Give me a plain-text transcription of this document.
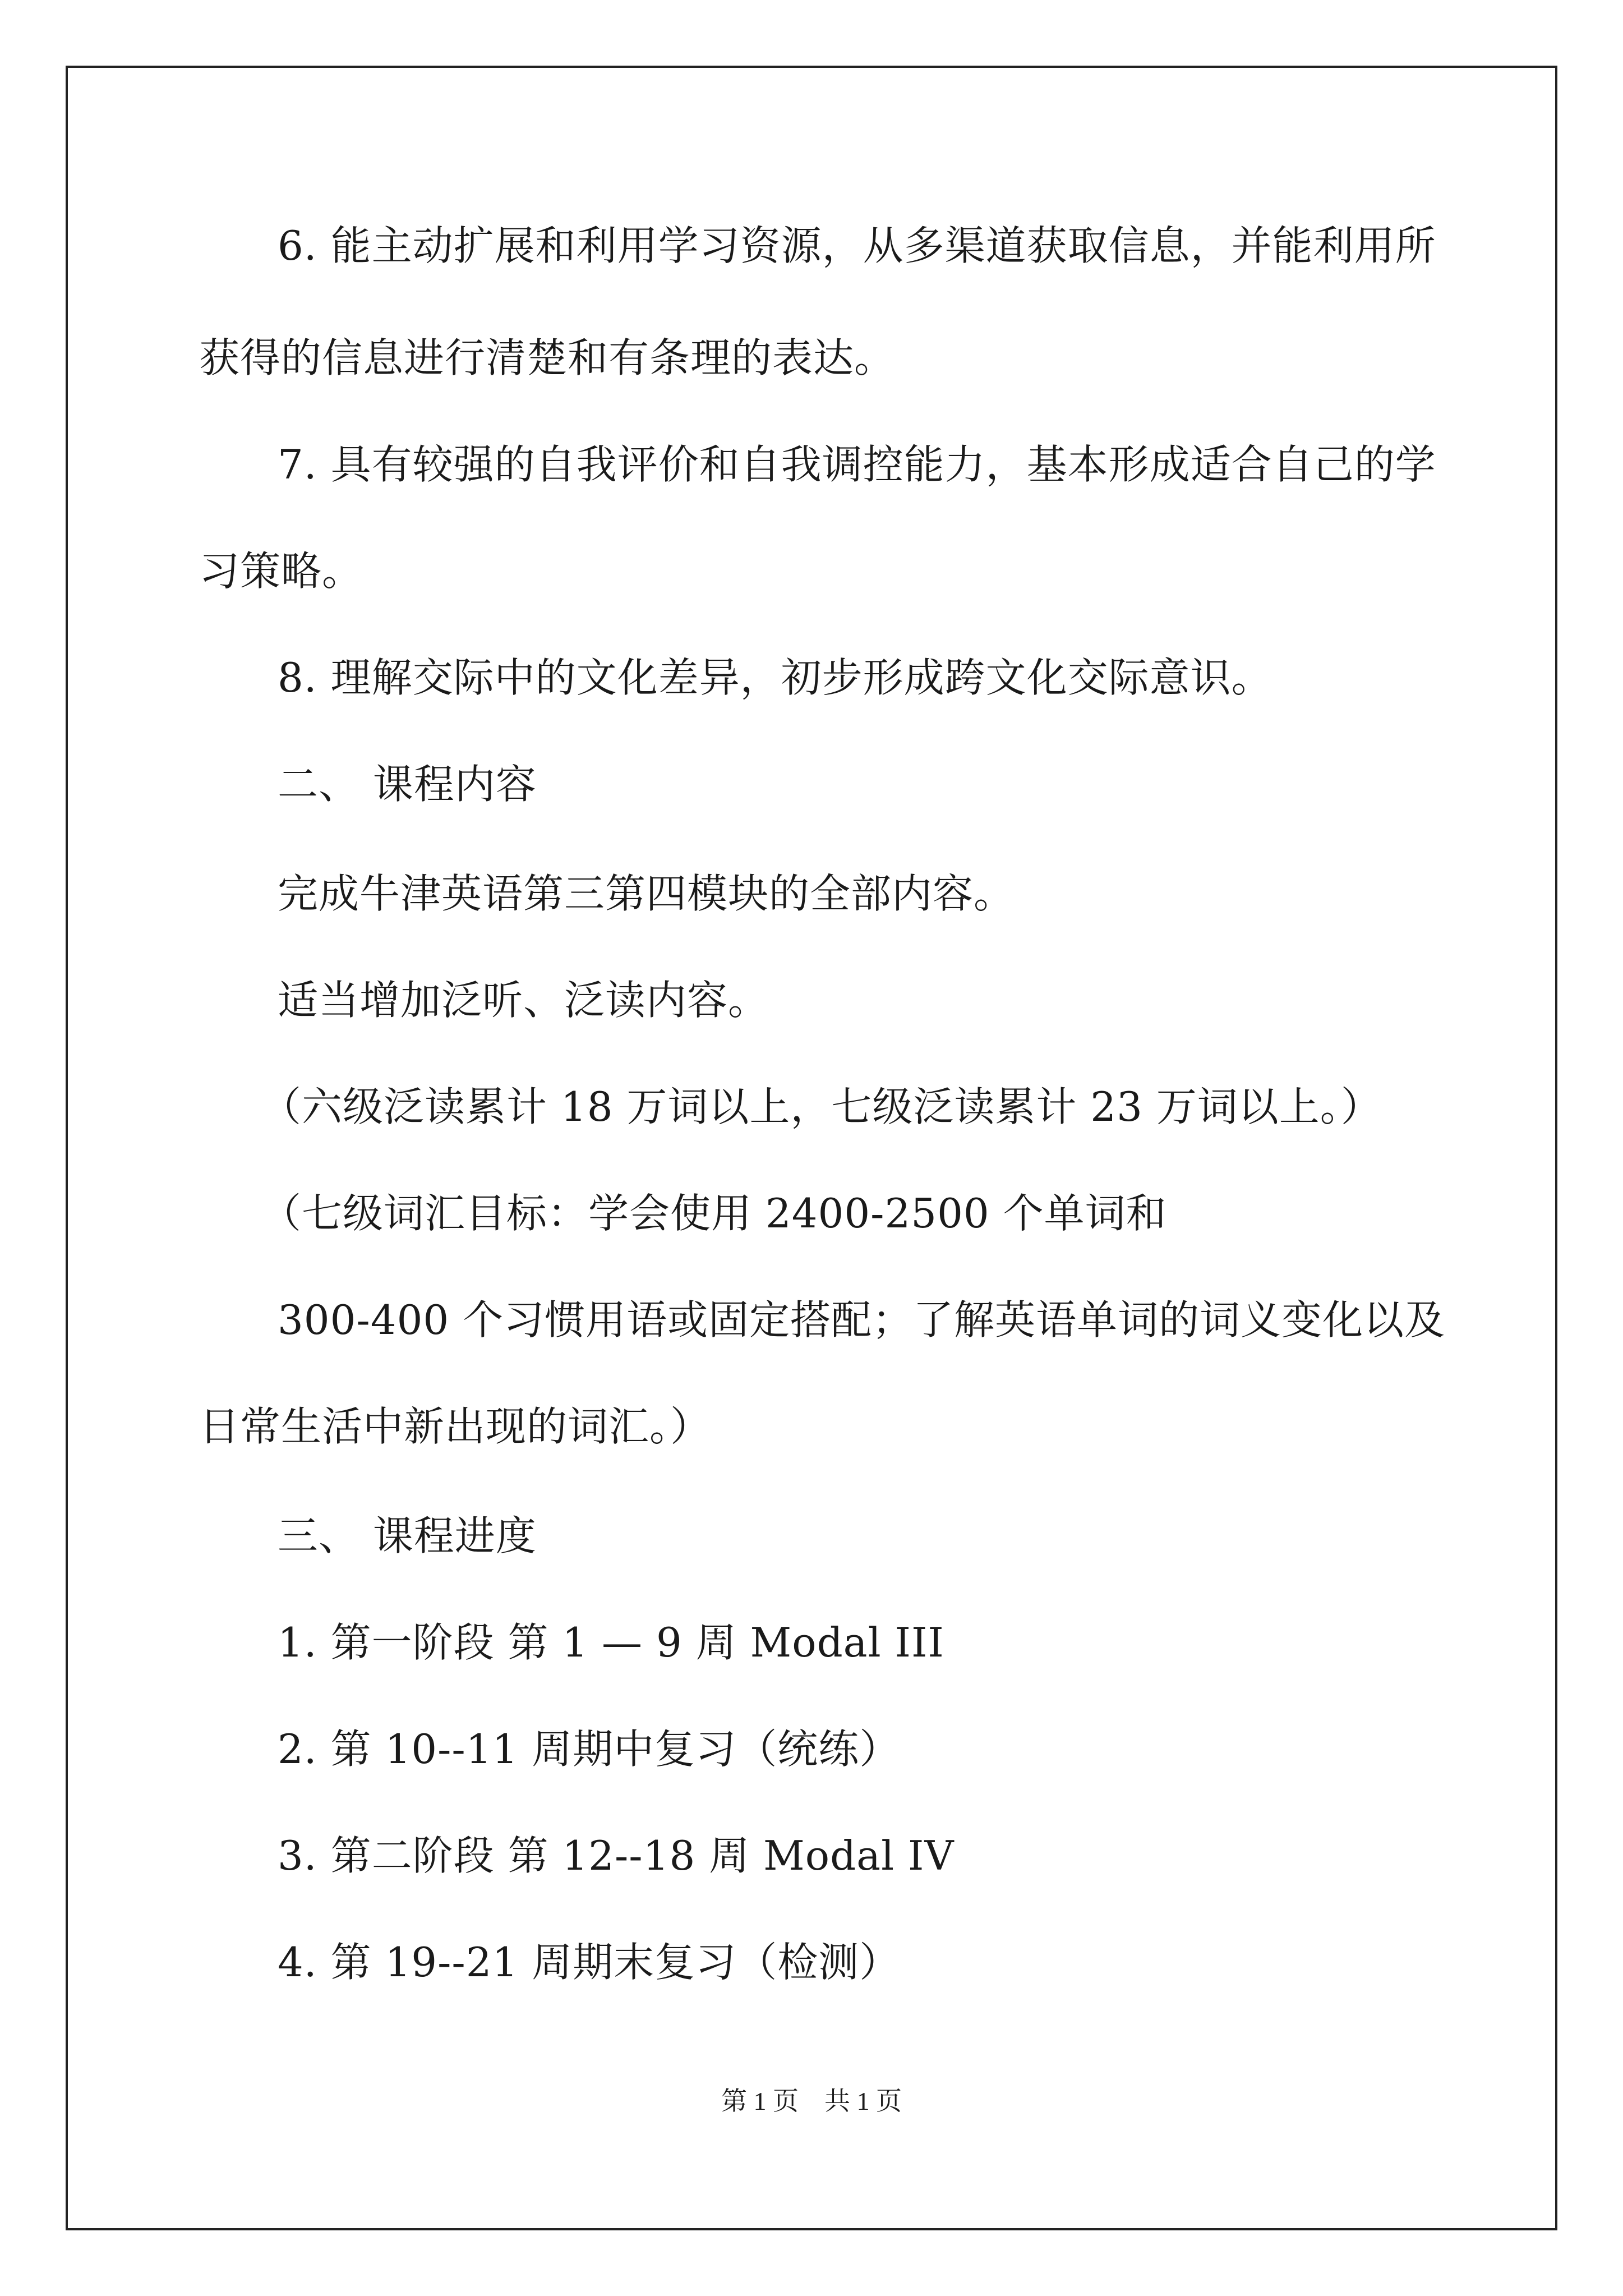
6. 能主动扩展和利用学习资源，从多渠道获取信息，并能利用所
获得的信息进行清楚和有条理的表达。
7. 具有较强的自我评价和自我调控能力，基本形成适合自己的学
习策略。
8. 理解交际中的文化差异，初步形成跨文化交际意识。
二、 课程内容
完成牛津英语第三第四模块的全部内容。
适当增加泛听、泛读内容。
（六级泛读累计 18 万词以上，七级泛读累计 23 万词以上。）
（七级词汇目标：学会使用 2400-2500 个单词和
300-400 个习惯用语或固定搭配；了解英语单词的词义变化以及
日常生活中新出现的词汇。）
三、 课程进度
1. 第一阶段 第 1 — 9 周 Modal III
2. 第 10--11 周期中复习（统练）
3. 第二阶段 第 12--18 周 Modal IV
4. 第 19--21 周期末复习（检测）
第 1 页　共 1 页
